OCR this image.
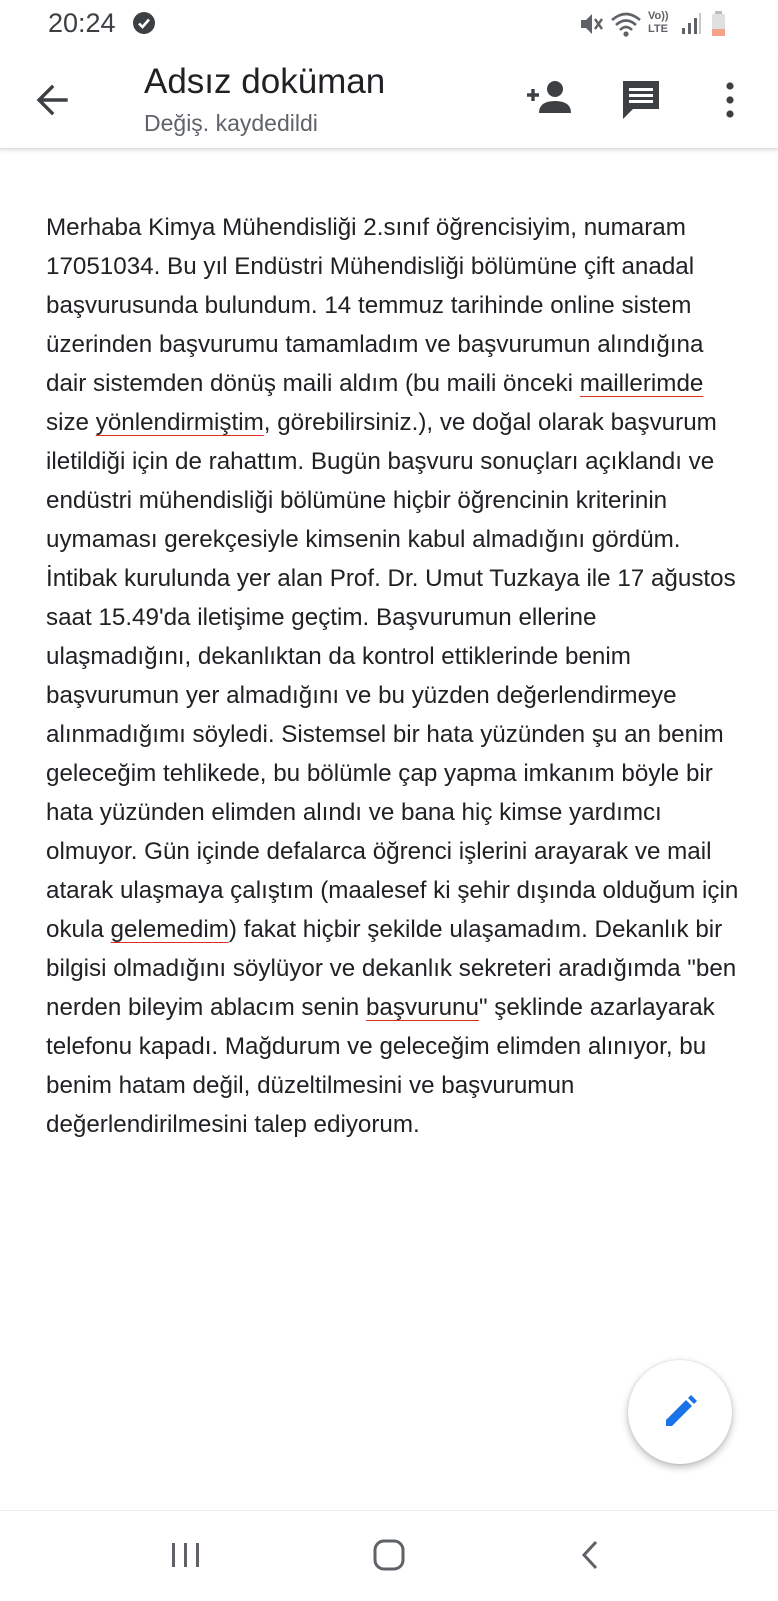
20:24	Vo)) LTE
Adsız doküman
Değiş. kaydedildi
Merhaba Kimya Mühendisliği 2.sınıf öğrencisiyim, numaram 17051034. Bu yıl Endüstri Mühendisliği bölümüne çift anadal başvurusunda bulundum. 14 temmuz tarihinde online sistem üzerinden başvurumu tamamladım ve başvurumun alındığına dair sistemden dönüş maili aldım (bu maili önceki maillerimde size yönlendirmiştim, görebilirsiniz.), ve doğal olarak başvurum iletildiği için de rahattım. Bugün başvuru sonuçları açıklandı ve endüstri mühendisliği bölümüne hiçbir öğrencinin kriterinin uymaması gerekçesiyle kimsenin kabul almadığını gördüm. İntibak kurulunda yer alan Prof. Dr. Umut Tuzkaya ile 17 ağustos saat 15.49'da iletişime geçtim. Başvurumun ellerine ulaşmadığını, dekanlıktan da kontrol ettiklerinde benim başvurumun yer almadığını ve bu yüzden değerlendirmeye alınmadığımı söyledi. Sistemsel bir hata yüzünden şu an benim geleceğim tehlikede, bu bölümle çap yapma imkanım böyle bir hata yüzünden elimden alındı ve bana hiç kimse yardımcı olmuyor. Gün içinde defalarca öğrenci işlerini arayarak ve mail atarak ulaşmaya çalıştım (maalesef ki şehir dışında olduğum için okula gelemedim) fakat hiçbir şekilde ulaşamadım. Dekanlık bir bilgisi olmadığını söylüyor ve dekanlık sekreteri aradığımda "ben nerden bileyim ablacım senin başvurunu" şeklinde azarlayarak telefonu kapadı. Mağdurum ve geleceğim elimden alınıyor, bu benim hatam değil, düzeltilmesini ve başvurumun değerlendirilmesini talep ediyorum.
